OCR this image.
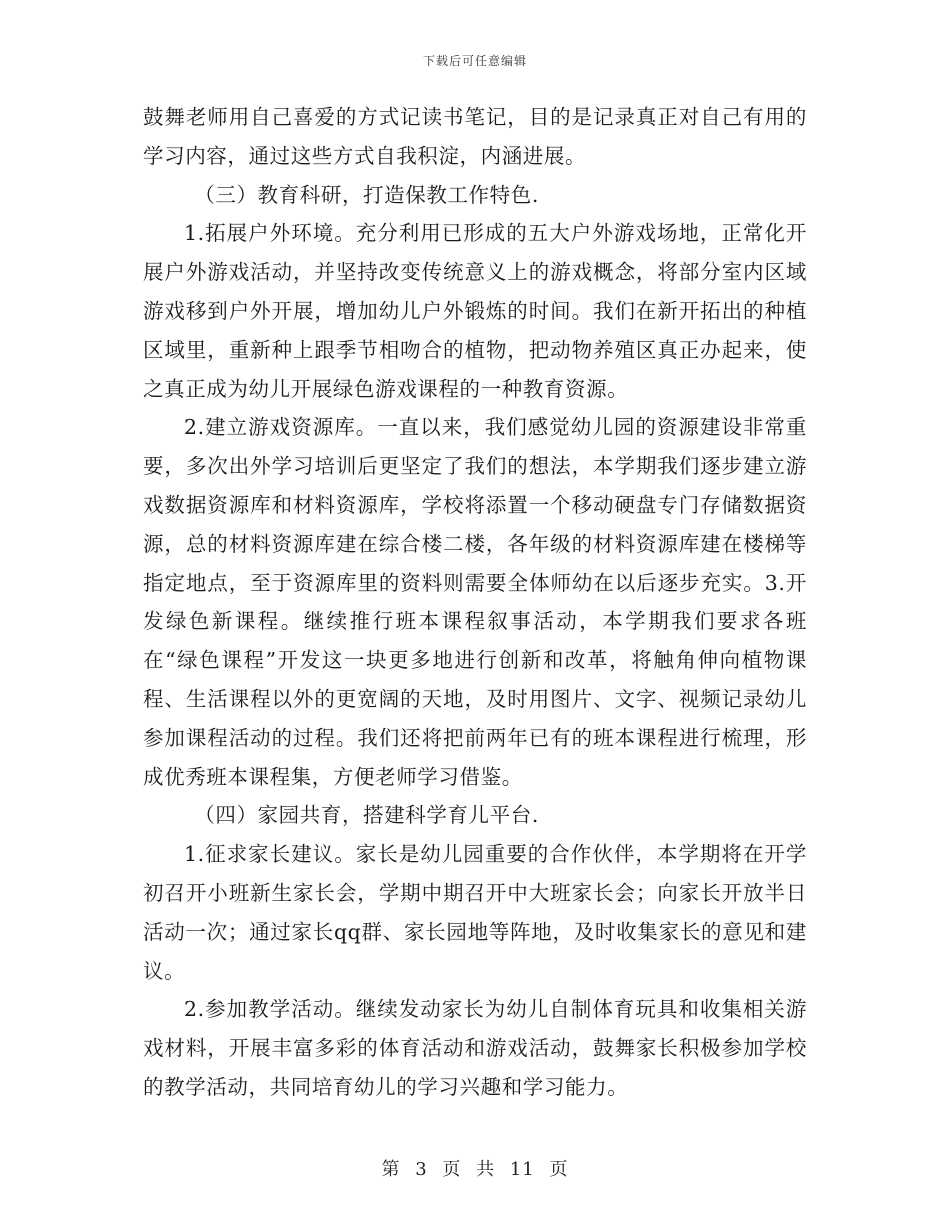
下载后可任意编辑

鼓舞老师用自己喜爱的方式记读书笔记，目的是记录真正对自己有用的学习内容，通过这些方式自我积淀，内涵进展。

（三）教育科研，打造保教工作特色.

1.拓展户外环境。充分利用已形成的五大户外游戏场地，正常化开展户外游戏活动，并坚持改变传统意义上的游戏概念，将部分室内区域游戏移到户外开展，增加幼儿户外锻炼的时间。我们在新开拓出的种植区域里，重新种上跟季节相吻合的植物，把动物养殖区真正办起来，使之真正成为幼儿开展绿色游戏课程的一种教育资源。

2.建立游戏资源库。一直以来，我们感觉幼儿园的资源建设非常重要，多次出外学习培训后更坚定了我们的想法，本学期我们逐步建立游戏数据资源库和材料资源库，学校将添置一个移动硬盘专门存储数据资源，总的材料资源库建在综合楼二楼，各年级的材料资源库建在楼梯等指定地点，至于资源库里的资料则需要全体师幼在以后逐步充实。3.开发绿色新课程。继续推行班本课程叙事活动，本学期我们要求各班在“绿色课程”开发这一块更多地进行创新和改革，将触角伸向植物课程、生活课程以外的更宽阔的天地，及时用图片、文字、视频记录幼儿参加课程活动的过程。我们还将把前两年已有的班本课程进行梳理，形成优秀班本课程集，方便老师学习借鉴。

（四）家园共育，搭建科学育儿平台.

1.征求家长建议。家长是幼儿园重要的合作伙伴，本学期将在开学初召开小班新生家长会，学期中期召开中大班家长会；向家长开放半日活动一次；通过家长qq群、家长园地等阵地，及时收集家长的意见和建议。

2.参加教学活动。继续发动家长为幼儿自制体育玩具和收集相关游戏材料，开展丰富多彩的体育活动和游戏活动，鼓舞家长积极参加学校的教学活动，共同培育幼儿的学习兴趣和学习能力。

第 3 页 共 11 页
